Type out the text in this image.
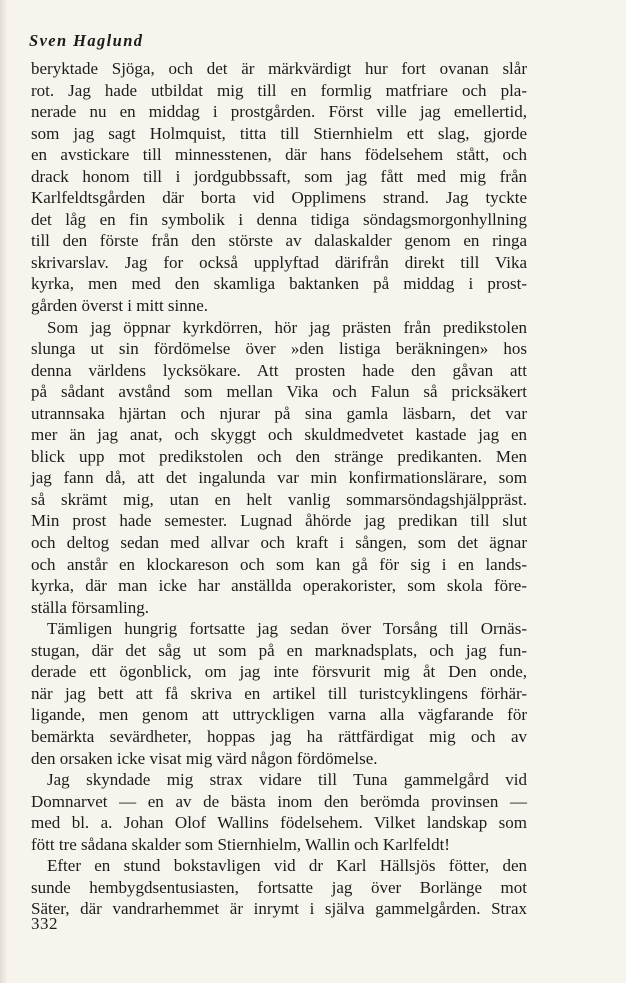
Sven Haglund

beryktade Sjöga, och det är märkvärdigt hur fort ovanan slår
rot. Jag hade utbildat mig till en formlig matfriare och pla-
nerade nu en middag i prostgården. Först ville jag emellertid,
som jag sagt Holmquist, titta till Stiernhielm ett slag, gjorde
en avstickare till minnesstenen, där hans födelsehem stått, och
drack honom till i jordgubbssaft, som jag fått med mig från
Karlfeldtsgården där borta vid Opplimens strand. Jag tyckte
det låg en fin symbolik i denna tidiga söndagsmorgonhyllning
till den förste från den störste av dalaskalder genom en ringa
skrivarslav. Jag for också upplyftad därifrån direkt till Vika
kyrka, men med den skamliga baktanken på middag i prost-
gården överst i mitt sinne.

Som jag öppnar kyrkdörren, hör jag prästen från predikstolen
slunga ut sin fördömelse över »den listiga beräkningen» hos
denna världens lycksökare. Att prosten hade den gåvan att
på sådant avstånd som mellan Vika och Falun så pricksäkert
utrannsaka hjärtan och njurar på sina gamla läsbarn, det var
mer än jag anat, och skyggt och skuldmedvetet kastade jag en
blick upp mot predikstolen och den stränge predikanten. Men
jag fann då, att det ingalunda var min konfirmationslärare, som
så skrämt mig, utan en helt vanlig sommarsöndagshjälppräst.
Min prost hade semester. Lugnad åhörde jag predikan till slut
och deltog sedan med allvar och kraft i sången, som det ägnar
och anstår en klockareson och som kan gå för sig i en lands-
kyrka, där man icke har anställda operakorister, som skola före-
ställa församling.

Tämligen hungrig fortsatte jag sedan över Torsång till Ornäs-
stugan, där det såg ut som på en marknadsplats, och jag fun-
derade ett ögonblick, om jag inte försvurit mig åt Den onde,
när jag bett att få skriva en artikel till turistcyklingens förhär-
ligande, men genom att uttryckligen varna alla vägfarande för
bemärkta sevärdheter, hoppas jag ha rättfärdigat mig och av
den orsaken icke visat mig värd någon fördömelse.

Jag skyndade mig strax vidare till Tuna gammelgård vid
Domnarvet — en av de bästa inom den berömda provinsen —
med bl. a. Johan Olof Wallins födelsehem. Vilket landskap som
fött tre sådana skalder som Stiernhielm, Wallin och Karlfeldt!

Efter en stund bokstavligen vid dr Karl Hällsjös fötter, den
sunde hembygdsentusiasten, fortsatte jag över Borlänge mot
Säter, där vandrarhemmet är inrymt i själva gammelgården. Strax

332
